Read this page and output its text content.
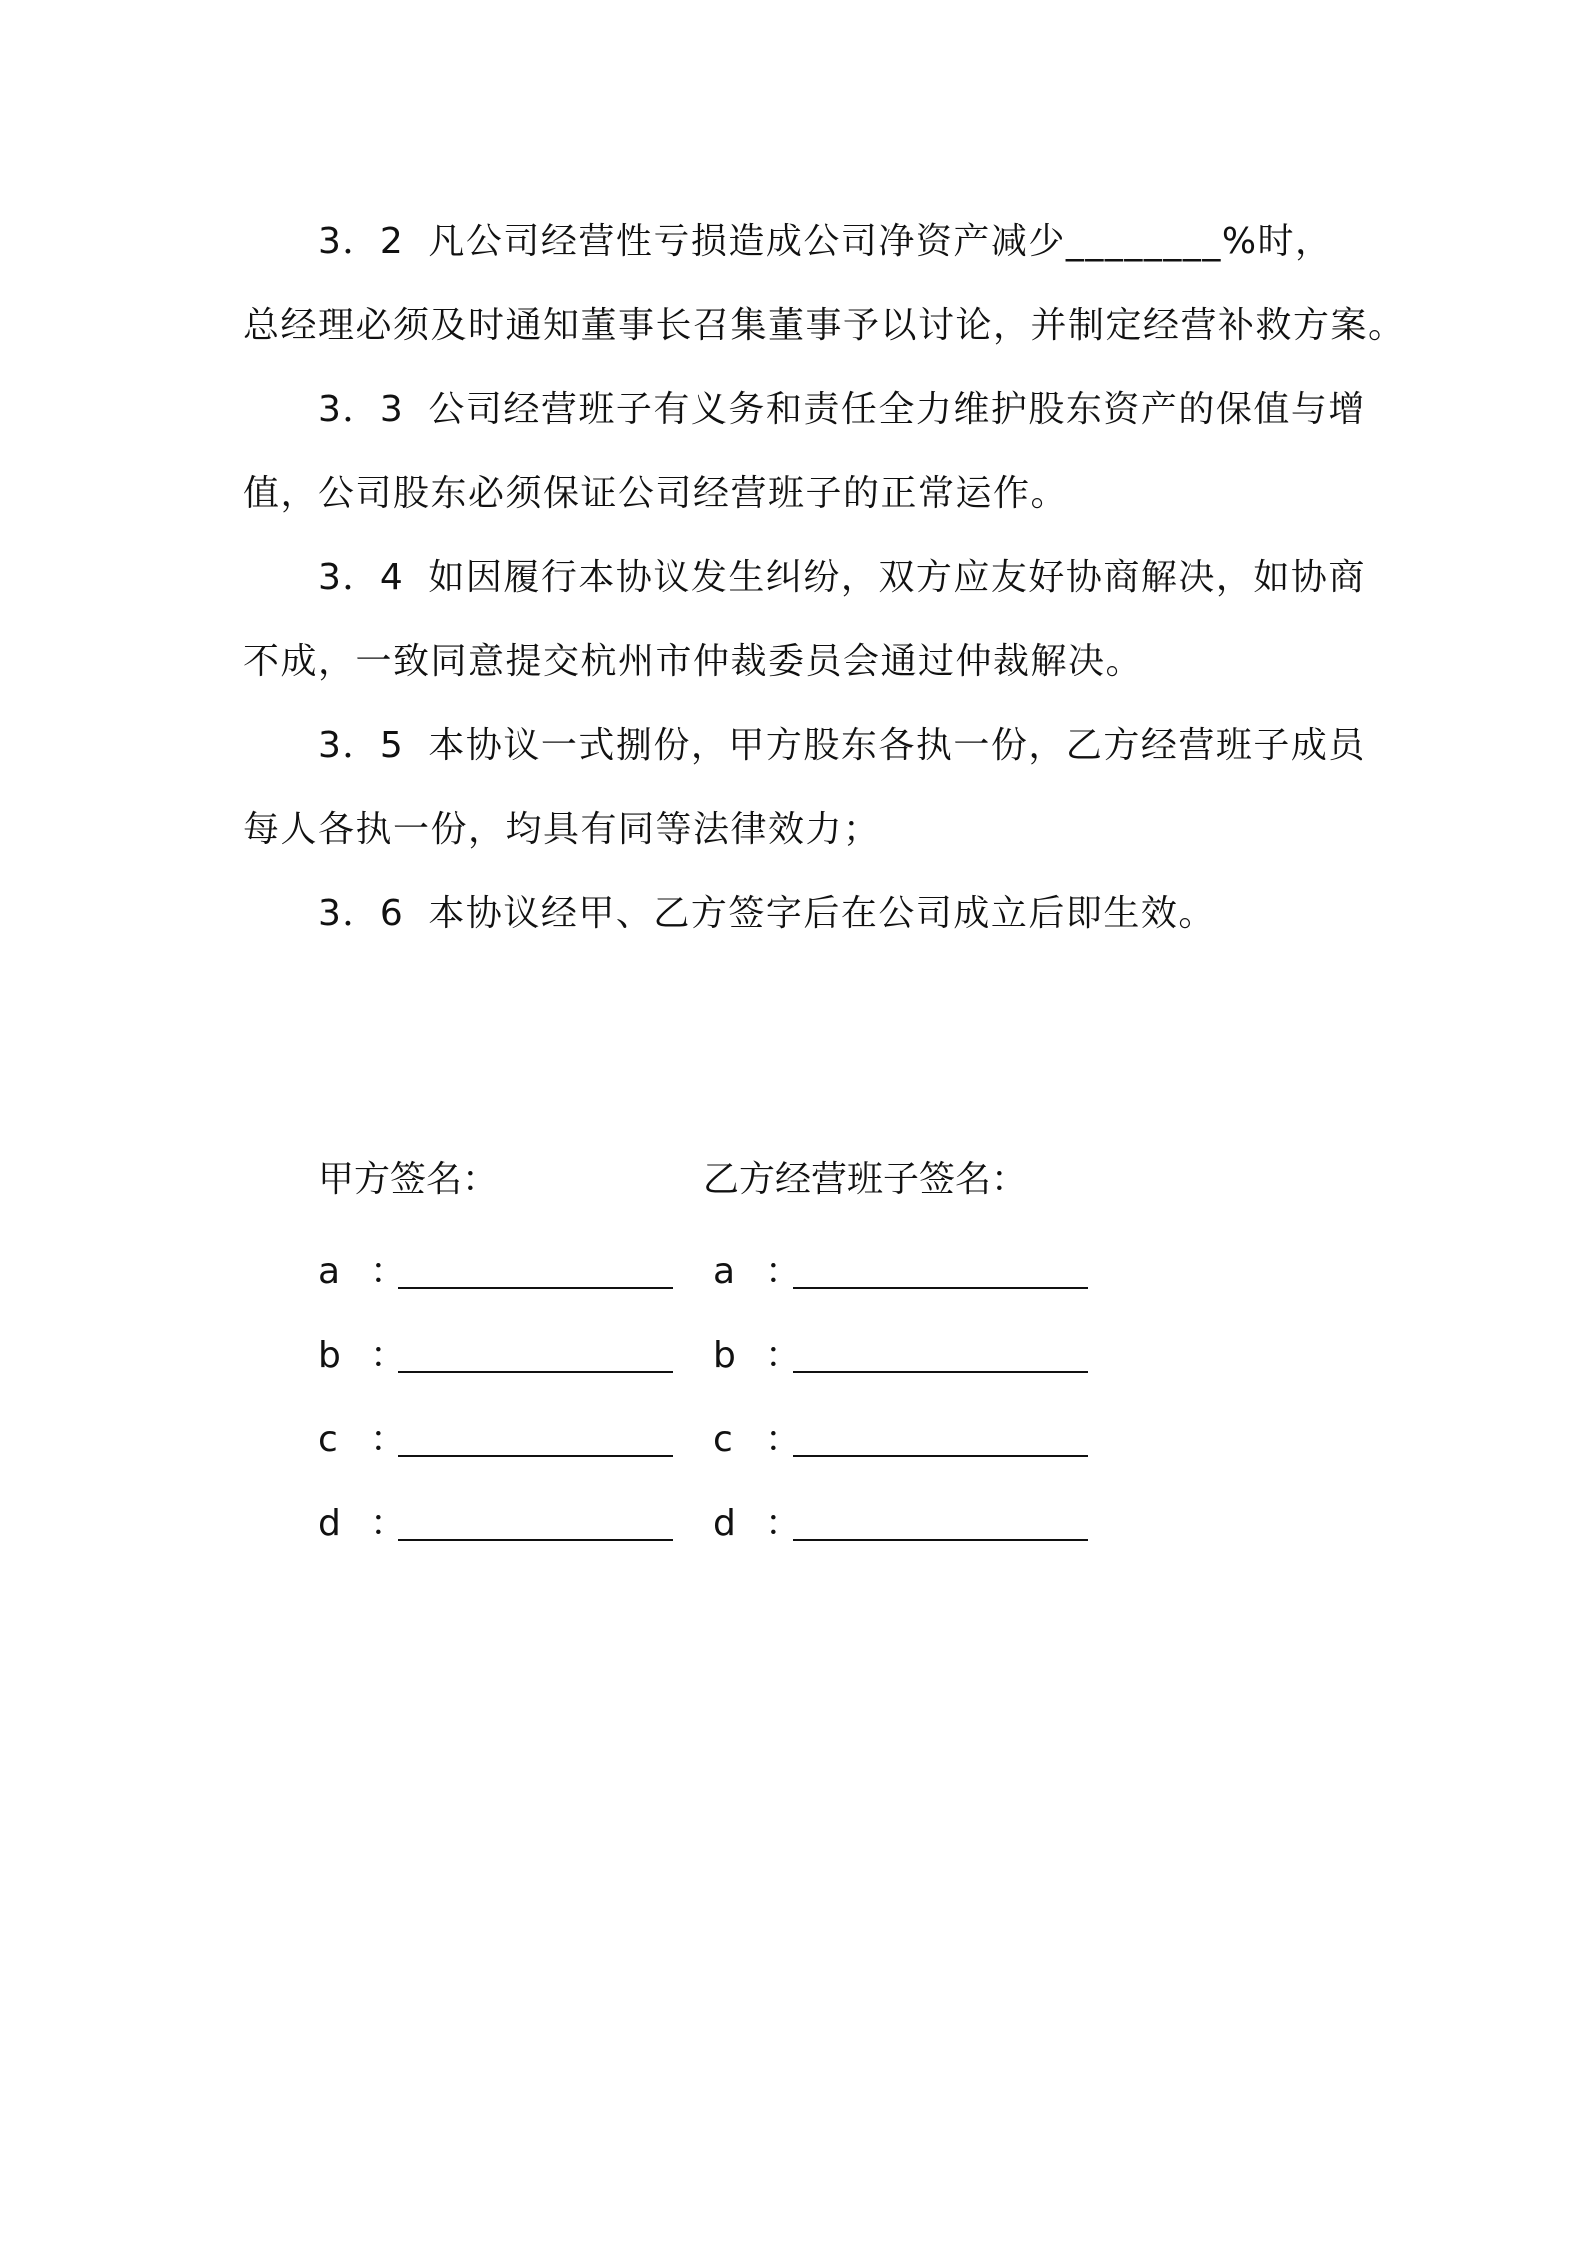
3．2 凡公司经营性亏损造成公司净资产减少________%时，
总经理必须及时通知董事长召集董事予以讨论，并制定经营补救方案。

3．3 公司经营班子有义务和责任全力维护股东资产的保值与增
值，公司股东必须保证公司经营班子的正常运作。

3．4 如因履行本协议发生纠纷，双方应友好协商解决，如协商
不成，一致同意提交杭州市仲裁委员会通过仲裁解决。

3．5 本协议一式捌份，甲方股东各执一份，乙方经营班子成员
每人各执一份，均具有同等法律效力；

3．6 本协议经甲、乙方签字后在公司成立后即生效。

甲方签名：	乙方经营班子签名：
a ：	a ：
b ：	b ：
c ：	c ：
d ：	d ：
